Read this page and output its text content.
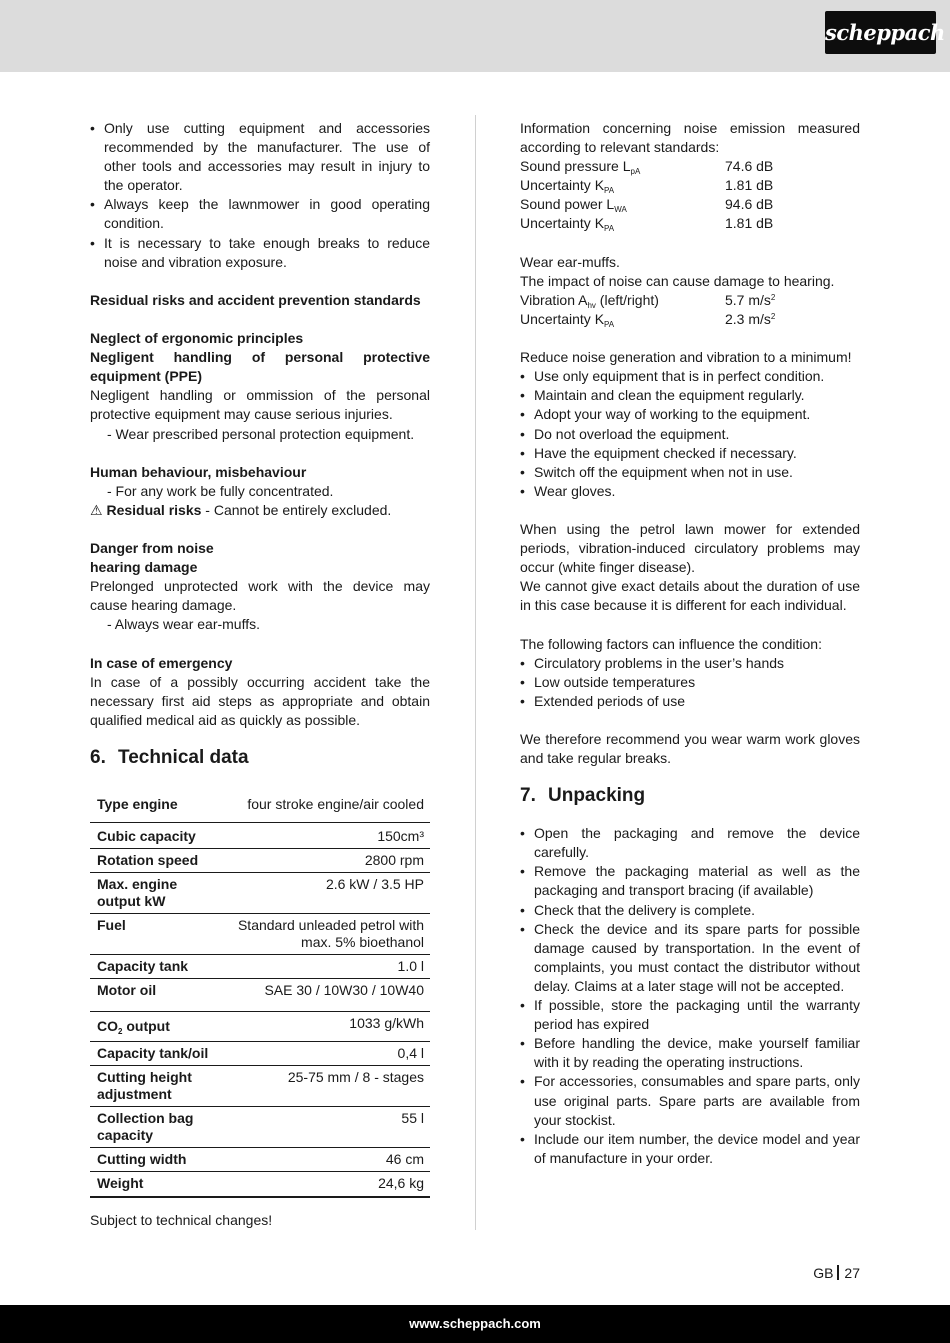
scheppach
• Only use cutting equipment and accessories recommended by the manufacturer. The use of other tools and accessories may result in injury to the operator.
• Always keep the lawnmower in good operating condition.
• It is necessary to take enough breaks to reduce noise and vibration exposure.

Residual risks and accident prevention standards

Neglect of ergonomic principles

Negligent handling of personal protective equipment (PPE)

Negligent handling or ommission of the personal protective equipment may cause serious injuries.

- Wear prescribed personal protection equipment.

Human behaviour, misbehaviour

- For any work be fully concentrated.

⚠ Residual risks - Cannot be entirely excluded.

Danger from noise

hearing damage

Prelonged unprotected work with the device may cause hearing damage.

- Always wear ear-muffs.

In case of emergency

In case of a possibly occurring accident take the necessary first aid steps as appropriate and obtain qualified medical aid as quickly as possible.

6. Technical data
Type engine	four stroke engine/air cooled
Cubic capacity	150cm³
Rotation speed	2800 rpm
Max. engine output kW	2.6 kW / 3.5 HP
Fuel	Standard unleaded petrol with max. 5% bioethanol
Capacity tank	1.0 l
Motor oil	SAE 30 / 10W30 / 10W40
$CO_2$ output	1033 g/kWh
Capacity tank/oil	0,4 l
Cutting height adjustment	25-75 mm / 8 - stages
Collection bag capacity	55 l
Cutting width	46 cm
Weight	24,6 kg

Subject to technical changes!

Information concerning noise emission measured according to relevant standards:

Sound pressure $L_{pA}$	74.6 dB
Uncertainty $K_{PA}$	1.81 dB
Sound power $L_{WA}$	94.6 dB
Uncertainty $K_{PA}$	1.81 dB

Wear ear-muffs.

The impact of noise can cause damage to hearing.

Vibration $A_{hv}$ (left/right)	5.7 $m/s^2$
Uncertainty $K_{PA}$	2.3 $m/s^2$

Reduce noise generation and vibration to a minimum!

• Use only equipment that is in perfect condition.
• Maintain and clean the equipment regularly.
• Adopt your way of working to the equipment.
• Do not overload the equipment.
• Have the equipment checked if necessary.
• Switch off the equipment when not in use.
• Wear gloves.

When using the petrol lawn mower for extended periods, vibration-induced circulatory problems may occur (white finger disease).

We cannot give exact details about the duration of use in this case because it is different for each individual.

The following factors can influence the condition:

• Circulatory problems in the user’s hands
• Low outside temperatures
• Extended periods of use

We therefore recommend you wear warm work gloves and take regular breaks.

7. Unpacking
• Open the packaging and remove the device carefully.
• Remove the packaging material as well as the packaging and transport bracing (if available)
• Check that the delivery is complete.
• Check the device and its spare parts for possible damage caused by transportation. In the event of complaints, you must contact the distributor without delay. Claims at a later stage will not be accepted.
• If possible, store the packaging until the warranty period has expired
• Before handling the device, make yourself familiar with it by reading the operating instructions.
• For accessories, consumables and spare parts, only use original parts. Spare parts are available from your stockist.
• Include our item number, the device model and year of manufacture in your order.
GB 27
www.scheppach.com
